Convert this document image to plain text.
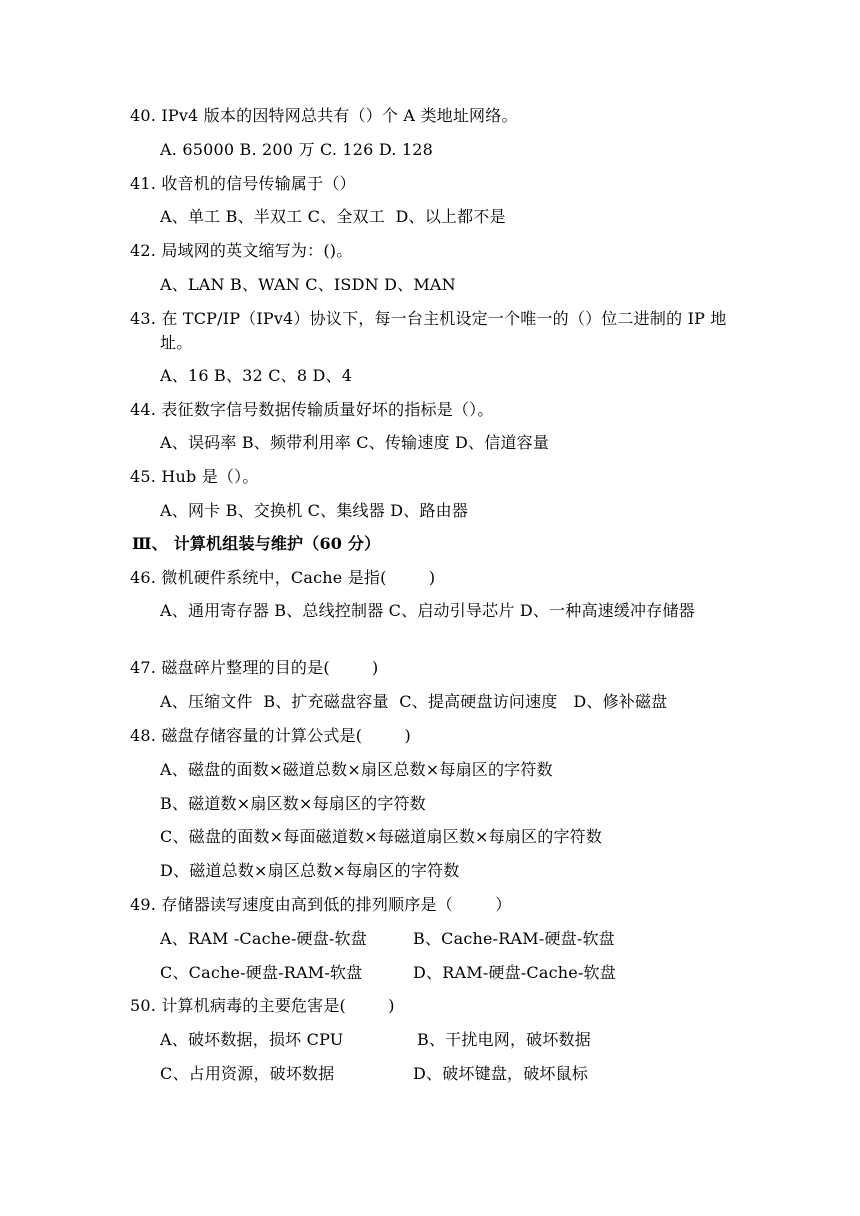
40. IPv4 版本的因特网总共有（）个 A 类地址网络。
A. 65000 B. 200 万 C. 126 D. 128
41. 收音机的信号传输属于（）
A、单工 B、半双工 C、全双工  D、以上都不是
42. 局域网的英文缩写为：()。
A、LAN B、WAN C、ISDN D、MAN
43. 在 TCP/IP（IPv4）协议下，每一台主机设定一个唯一的（）位二进制的 IP 地址。
A、16 B、32 C、8 D、4
44. 表征数字信号数据传输质量好坏的指标是（）。
A、误码率 B、频带利用率 C、传输速度 D、信道容量
45. Hub 是（）。
A、网卡 B、交换机 C、集线器 D、路由器
Ⅲ、 计算机组装与维护（60 分）
46. 微机硬件系统中，Cache 是指(        )
A、通用寄存器 B、总线控制器 C、启动引导芯片 D、一种高速缓冲存储器
47. 磁盘碎片整理的目的是(        )
A、压缩文件  B、扩充磁盘容量  C、提高硬盘访问速度   D、修补磁盘
48. 磁盘存储容量的计算公式是(        )
A、磁盘的面数×磁道总数×扇区总数×每扇区的字符数
B、磁道数×扇区数×每扇区的字符数
C、磁盘的面数×每面磁道数×每磁道扇区数×每扇区的字符数
D、磁道总数×扇区总数×每扇区的字符数
49. 存储器读写速度由高到低的排列顺序是（        ）
A、RAM -Cache-硬盘-软盘	B、Cache-RAM-硬盘-软盘
C、Cache-硬盘-RAM-软盘	D、RAM-硬盘-Cache-软盘
50. 计算机病毒的主要危害是(        )
A、破坏数据，损坏 CPU	B、干扰电网，破坏数据
C、占用资源，破坏数据	D、破坏键盘，破坏鼠标
